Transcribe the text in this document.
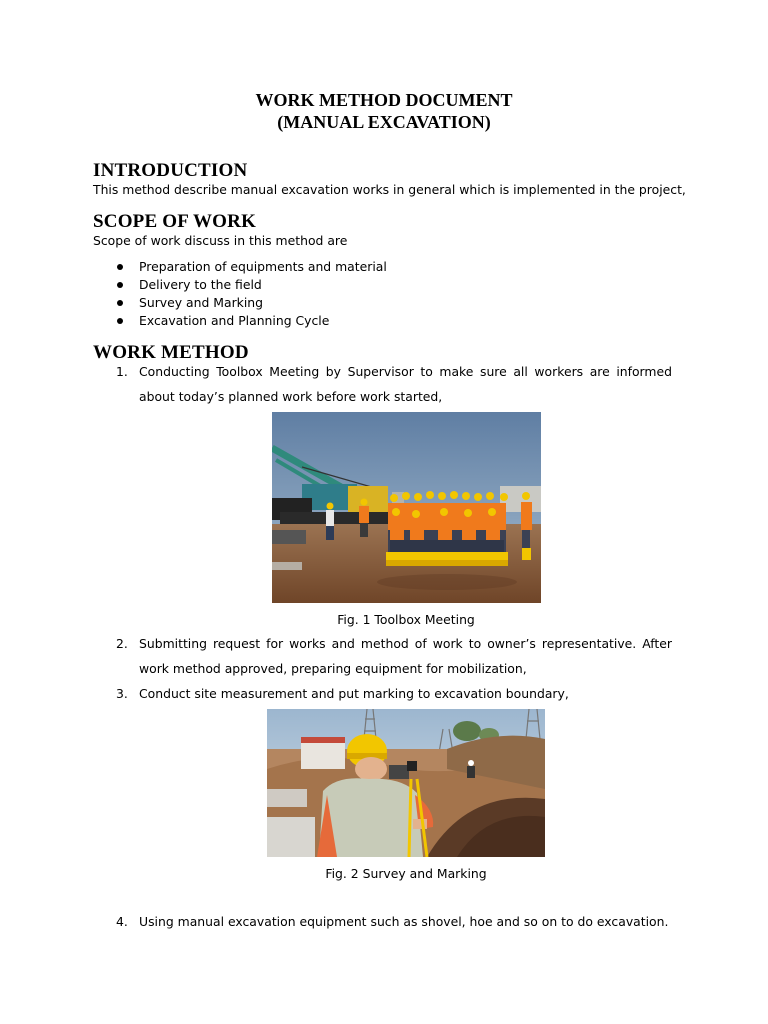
WORK METHOD DOCUMENT
(MANUAL EXCAVATION)
INTRODUCTION
This method describe manual excavation works in general which is implemented in the project,
SCOPE OF WORK
Scope of work discuss in this method are
Preparation of equipments and material
Delivery to the field
Survey and Marking
Excavation and Planning Cycle
WORK METHOD
1. Conducting Toolbox Meeting by Supervisor to make sure all workers are informed about today’s planned work before work started,
Fig. 1 Toolbox Meeting
2. Submitting request for works and method of work to owner’s representative. After work method approved, preparing equipment for mobilization,
3. Conduct site measurement and put marking to excavation boundary,
Fig. 2 Survey and Marking
4. Using manual excavation equipment such as shovel, hoe and so on to do excavation.
